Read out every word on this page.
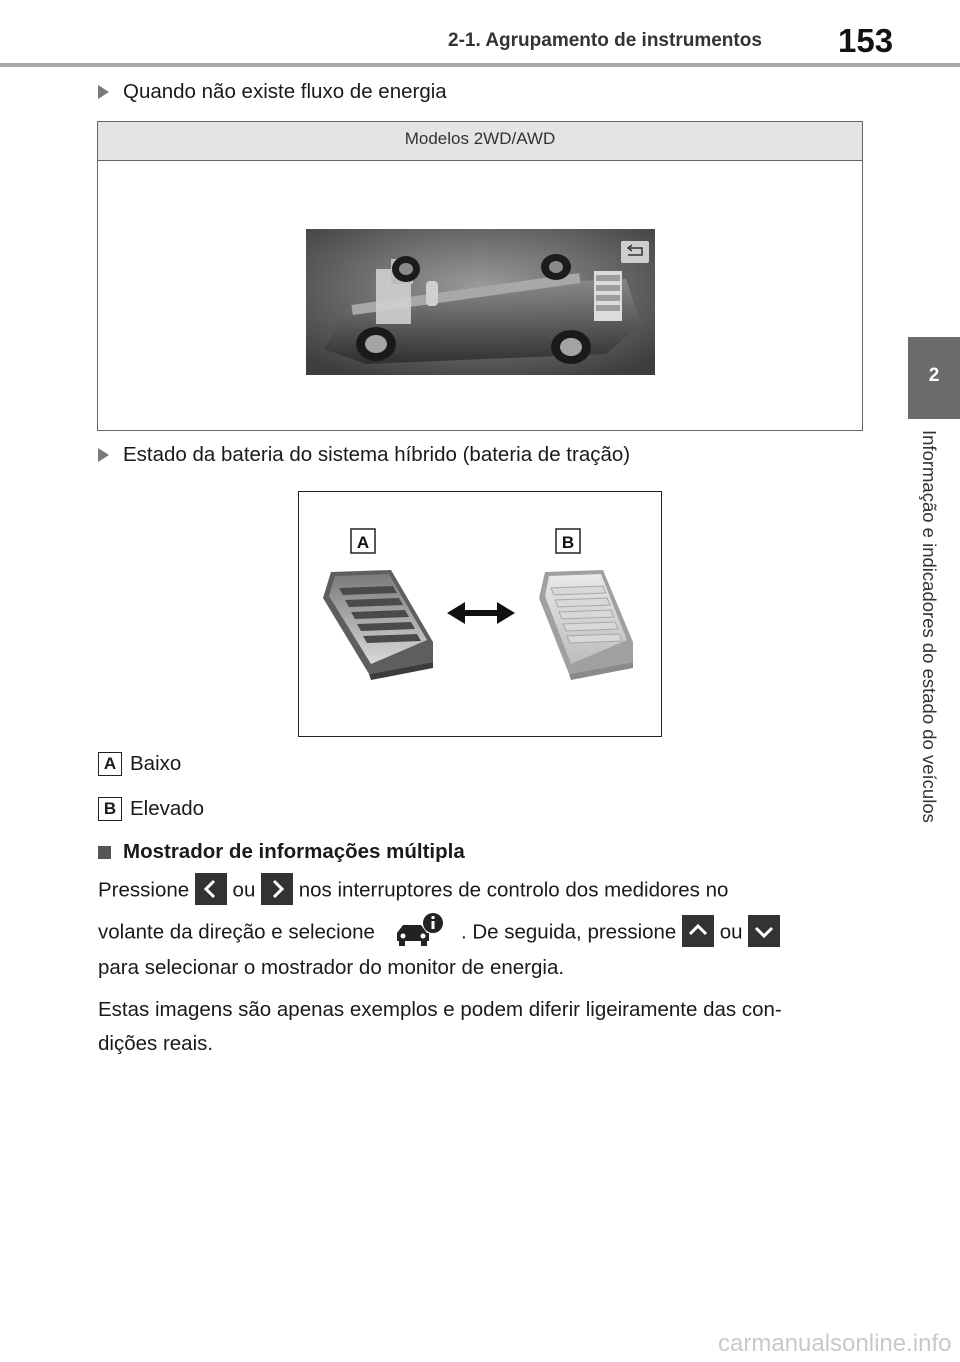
2-1. Agrupamento de instrumentos 153
2
Informação e indicadores do estado do veículos
Quando não existe fluxo de energia
Modelos 2WD/AWD
Estado da bateria do sistema híbrido (bateria de tração)
A	B
A Baixo
B Elevado
Mostrador de informações múltipla
Pressione
ou
nos interruptores de controlo dos medidores no
volante da direção e selecione	. De seguida, pressione
ou
para selecionar o mostrador do monitor de energia.
Estas imagens são apenas exemplos e podem diferir ligeiramente das con-
dições reais.
carmanualsonline.info
